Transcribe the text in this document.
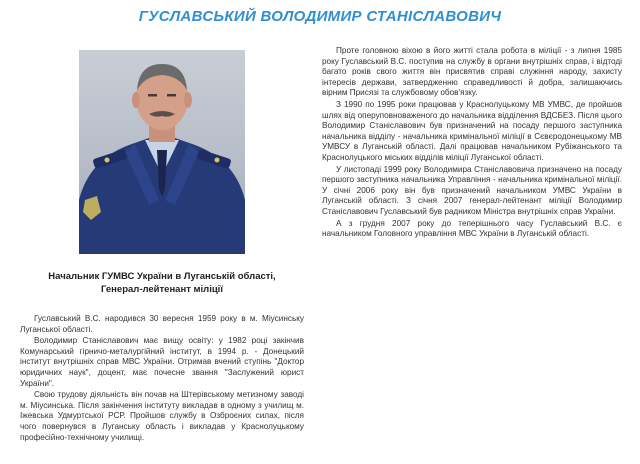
ГУСЛАВСЬКИЙ ВОЛОДИМИР СТАНІСЛАВОВИЧ
Начальник ГУМВС України в Луганській області,
Генерал-лейтенант міліції

Гуславський В.С. народився 30 вересня 1959 року в м. Міусинську Луганської області.

Володимир Станіславович має вищу освіту: у 1982 році закінчив Комунарський гірничо-металургійний інститут, в 1994 р. - Донецький інститут внутрішніх справ МВС України. Отримав вчений ступінь "Доктор юридичних наук", доцент, має почесне звання "Заслужений юрист України".

Свою трудову діяльність він почав на Штерівському метизному заводі м. Міусинська. Після закінчення інституту викладав в одному з училищ м. Іжевська Удмуртської РСР. Пройшов службу в Озброєних силах, після чого повернувся в Луганську область і викладав у Краснолуцькому професійно-технічному училищі.

Проте головною віхою в його житті стала робота в міліції - з липня 1985 року Гуславський В.С. поступив на службу в органи внутрішніх справ, і відтоді багато років свого життя він присвятив справі служіння народу, захисту інтересів держави, затвердженню справедливості й добра, залишаючись вірним Присязі та службовому обов'язку.

З 1990 по 1995 роки працював у Краснолуцькому МВ УМВС, де пройшов шлях від оперуповноваженого до начальника відділення ВДСБЕЗ. Після цього Володимир Станіславович був призначений на посаду першого заступника начальника відділу - начальника кримінальної міліції в Сєвєродонецькому МВ УМВСУ в Луганській області. Далі працював начальником Рубіжанського та Краснолуцького міських відділів міліції Луганської області.

У листопаді 1999 року Володимира Станіславовича призначено на посаду першого заступника начальника Управління - начальника кримінальної міліції. У січні 2006 року він був призначений начальником УМВС України в Луганській області. З січня 2007 генерал-лейтенант міліції Володимир Станіславович Гуславський був радником Міністра внутрішніх справ України.

А з грудня 2007 року до теперішнього часу Гуславський В.С. є начальником Головного управління МВС України в Луганській області.
